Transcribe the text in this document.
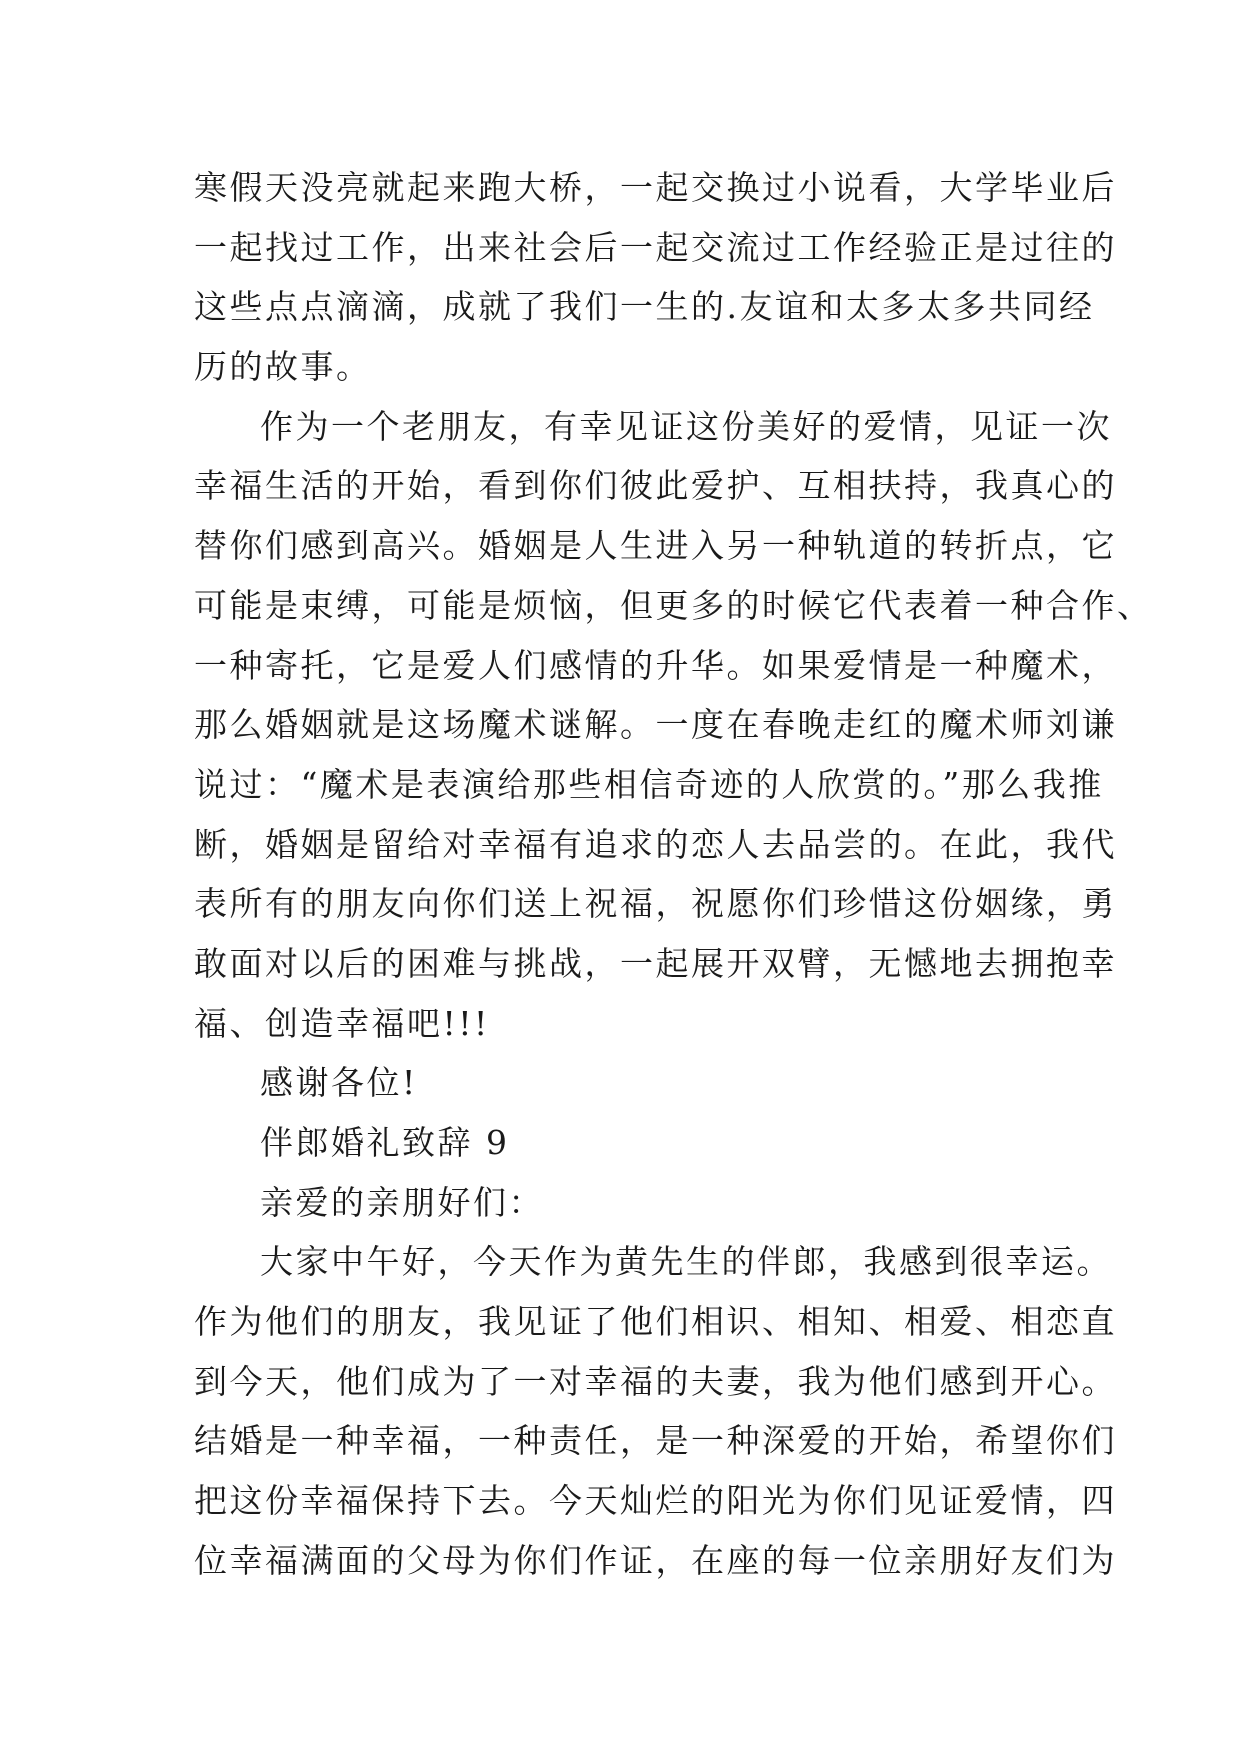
寒假天没亮就起来跑大桥，一起交换过小说看，大学毕业后
一起找过工作，出来社会后一起交流过工作经验正是过往的
这些点点滴滴，成就了我们一生的.友谊和太多太多共同经
历的故事。
作为一个老朋友，有幸见证这份美好的爱情，见证一次
幸福生活的开始，看到你们彼此爱护、互相扶持，我真心的
替你们感到高兴。婚姻是人生进入另一种轨道的转折点，它
可能是束缚，可能是烦恼，但更多的时候它代表着一种合作、
一种寄托，它是爱人们感情的升华。如果爱情是一种魔术，
那么婚姻就是这场魔术谜解。一度在春晚走红的魔术师刘谦
说过：“魔术是表演给那些相信奇迹的人欣赏的。”那么我推
断，婚姻是留给对幸福有追求的恋人去品尝的。在此，我代
表所有的朋友向你们送上祝福，祝愿你们珍惜这份姻缘，勇
敢面对以后的困难与挑战，一起展开双臂，无憾地去拥抱幸
福、创造幸福吧!!!
感谢各位!
伴郎婚礼致辞 9
亲爱的亲朋好们：
大家中午好，今天作为黄先生的伴郎，我感到很幸运。
作为他们的朋友，我见证了他们相识、相知、相爱、相恋直
到今天，他们成为了一对幸福的夫妻，我为他们感到开心。
结婚是一种幸福，一种责任，是一种深爱的开始，希望你们
把这份幸福保持下去。今天灿烂的阳光为你们见证爱情，四
位幸福满面的父母为你们作证，在座的每一位亲朋好友们为
